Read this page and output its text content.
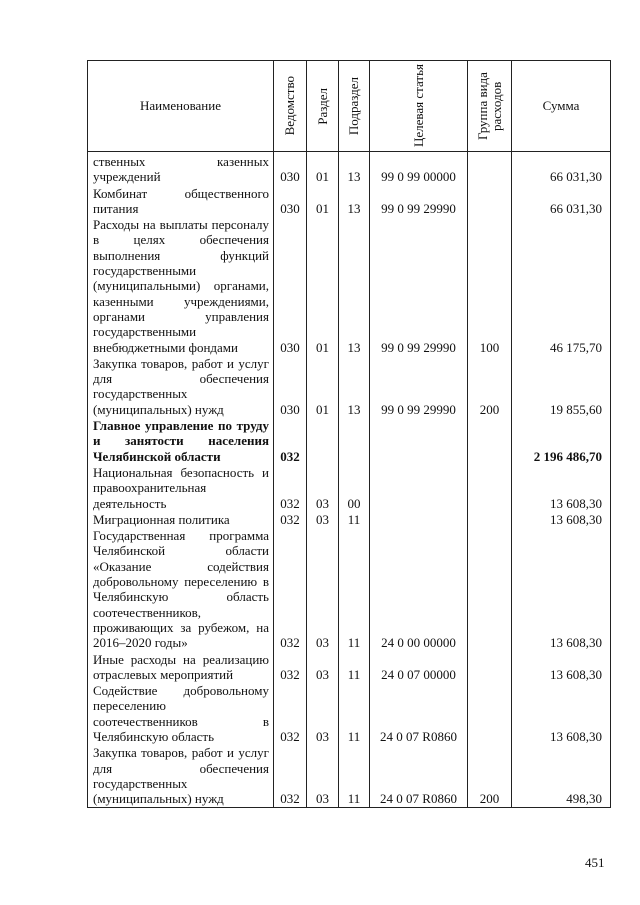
Наименование	Ведомство	Раздел	Подраздел	Целевая статья	Группа вида расходов	Сумма
ственных казенных учреждений	030	01	13	99 0 99 00000		66 031,30
Комбинат общественного питания	030	01	13	99 0 99 29990		66 031,30
Расходы на выплаты персоналу в целях обеспечения выполнения функций государственными (муниципальными) органами, казенными учреждениями, органами управления государственными внебюджетными фондами	030	01	13	99 0 99 29990	100	46 175,70
Закупка товаров, работ и услуг для обеспечения государственных (муниципальных) нужд	030	01	13	99 0 99 29990	200	19 855,60
Главное управление по труду и занятости населения Челябинской области	032					2 196 486,70
Национальная безопасность и правоохранительная деятельность	032	03	00			13 608,30
Миграционная политика	032	03	11			13 608,30
Государственная программа Челябинской области «Оказание содействия добровольному переселению в Челябинскую область соотечественников, проживающих за рубежом, на 2016–2020 годы»	032	03	11	24 0 00 00000		13 608,30
Иные расходы на реализацию отраслевых мероприятий	032	03	11	24 0 07 00000		13 608,30
Содействие добровольному переселению соотечественников в Челябинскую область	032	03	11	24 0 07 R0860		13 608,30
Закупка товаров, работ и услуг для обеспечения государственных (муниципальных) нужд	032	03	11	24 0 07 R0860	200	498,30
451
